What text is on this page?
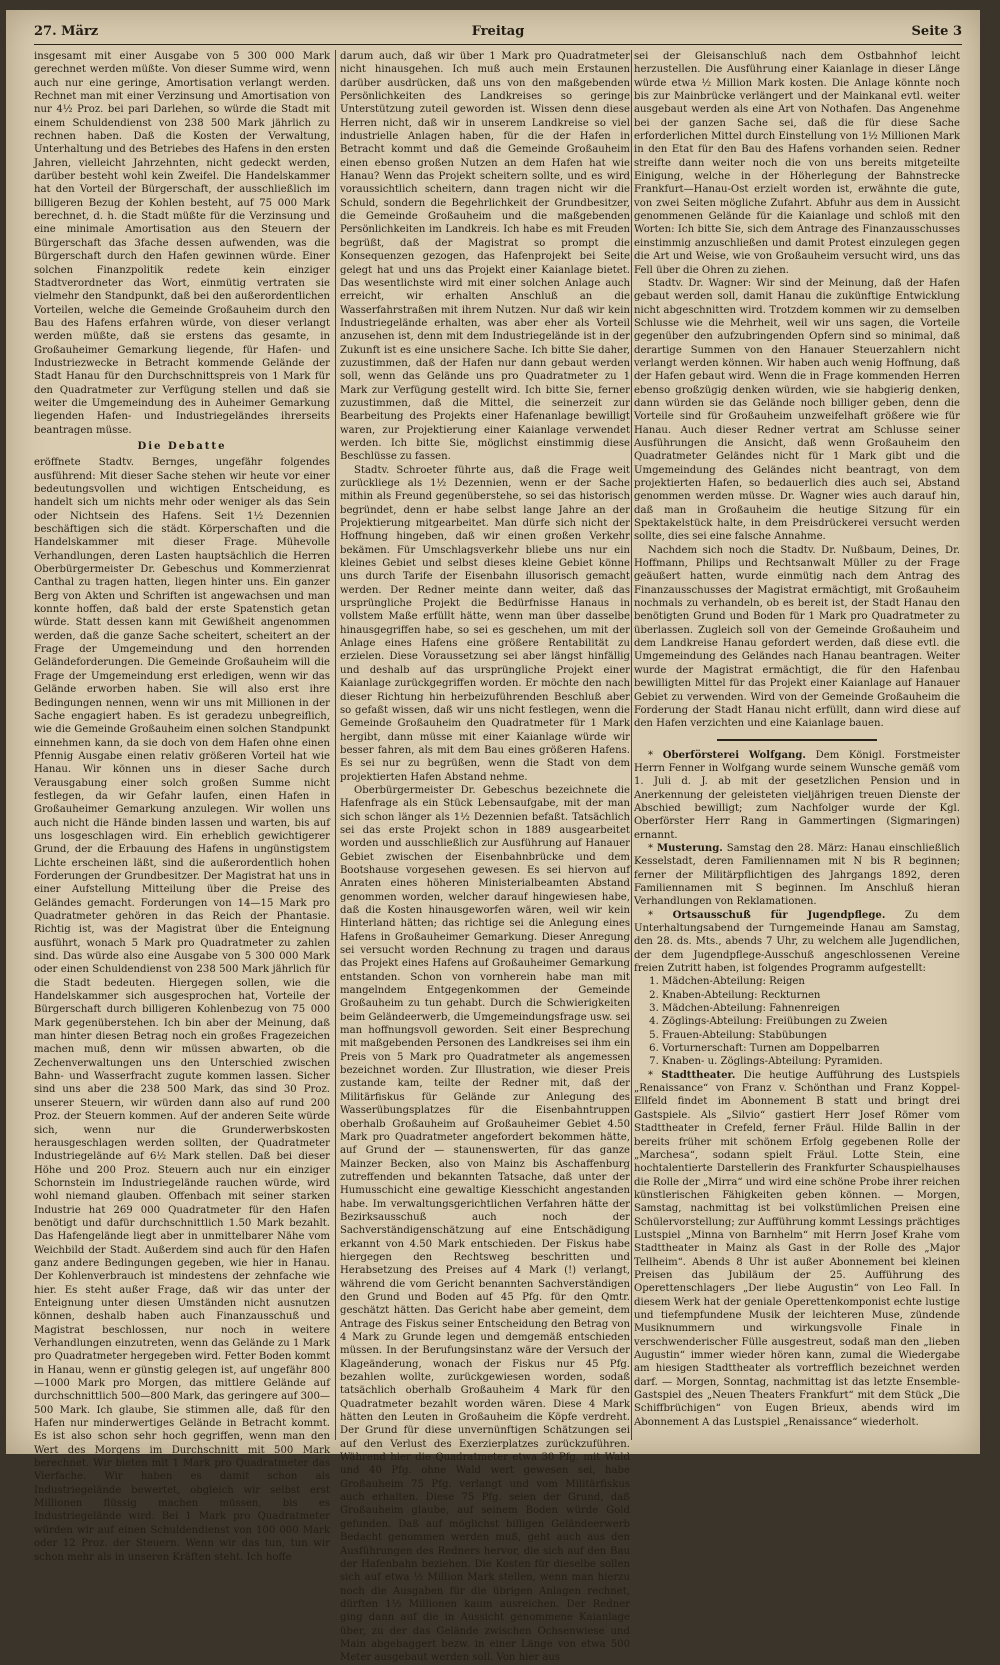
27. März	Freitag	Seite 3

insgesamt mit einer Ausgabe von 5 300 000 Mark gerechnet werden müßte. Von dieser Summe wird, wenn auch nur eine geringe, Amortisation verlangt werden. Rechnet man mit einer Verzinsung und Amortisation von nur 4½ Proz. bei pari Darlehen, so würde die Stadt mit einem Schuldendienst von 238 500 Mark jährlich zu rechnen haben. Daß die Kosten der Verwaltung, Unterhaltung und des Betriebes des Hafens in den ersten Jahren, vielleicht Jahrzehnten, nicht gedeckt werden, darüber besteht wohl kein Zweifel. Die Handelskammer hat den Vorteil der Bürgerschaft, der ausschließlich im billigeren Bezug der Kohlen besteht, auf 75 000 Mark berechnet, d. h. die Stadt müßte für die Verzinsung und eine minimale Amortisation aus den Steuern der Bürgerschaft das 3fache dessen aufwenden, was die Bürgerschaft durch den Hafen gewinnen würde. Einer solchen Finanzpolitik redete kein einziger Stadtverordneter das Wort, einmütig vertraten sie vielmehr den Standpunkt, daß bei den außerordentlichen Vorteilen, welche die Gemeinde Großauheim durch den Bau des Hafens erfahren würde, von dieser verlangt werden müßte, daß sie erstens das gesamte, in Großauheimer Gemarkung liegende, für Hafen- und Industriezwecke in Betracht kommende Gelände der Stadt Hanau für den Durchschnittspreis von 1 Mark für den Quadratmeter zur Verfügung stellen und daß sie weiter die Umgemeindung des in Auheimer Gemarkung liegenden Hafen- und Industriegeländes ihrerseits beantragen müsse.

Die Debatte

eröffnete Stadtv. Bernges, ungefähr folgendes ausführend: Mit dieser Sache stehen wir heute vor einer bedeutungsvollen und wichtigen Entscheidung, es handelt sich um nichts mehr oder weniger als das Sein oder Nichtsein des Hafens. Seit 1½ Dezennien beschäftigen sich die städt. Körperschaften und die Handelskammer mit dieser Frage. Mühevolle Verhandlungen, deren Lasten hauptsächlich die Herren Oberbürgermeister Dr. Gebeschus und Kommerzienrat Canthal zu tragen hatten, liegen hinter uns. Ein ganzer Berg von Akten und Schriften ist angewachsen und man konnte hoffen, daß bald der erste Spatenstich getan würde. Statt dessen kann mit Gewißheit angenommen werden, daß die ganze Sache scheitert, scheitert an der Frage der Umgemeindung und den horrenden Geländeforderungen. Die Gemeinde Großauheim will die Frage der Umgemeindung erst erledigen, wenn wir das Gelände erworben haben. Sie will also erst ihre Bedingungen nennen, wenn wir uns mit Millionen in der Sache engagiert haben. Es ist geradezu unbegreiflich, wie die Gemeinde Großauheim einen solchen Standpunkt einnehmen kann, da sie doch von dem Hafen ohne einen Pfennig Ausgabe einen relativ größeren Vorteil hat wie Hanau. Wir können uns in dieser Sache durch Verausgabung einer solch großen Summe nicht festlegen, da wir Gefahr laufen, einen Hafen in Großauheimer Gemarkung anzulegen. Wir wollen uns auch nicht die Hände binden lassen und warten, bis auf uns losgeschlagen wird. Ein erheblich gewichtigerer Grund, der die Erbauung des Hafens in ungünstigstem Lichte erscheinen läßt, sind die außerordentlich hohen Forderungen der Grundbesitzer. Der Magistrat hat uns in einer Aufstellung Mitteilung über die Preise des Geländes gemacht. Forderungen von 14—15 Mark pro Quadratmeter gehören in das Reich der Phantasie. Richtig ist, was der Magistrat über die Enteignung ausführt, wonach 5 Mark pro Quadratmeter zu zahlen sind. Das würde also eine Ausgabe von 5 300 000 Mark oder einen Schuldendienst von 238 500 Mark jährlich für die Stadt bedeuten. Hiergegen sollen, wie die Handelskammer sich ausgesprochen hat, Vorteile der Bürgerschaft durch billigeren Kohlenbezug von 75 000 Mark gegenüberstehen. Ich bin aber der Meinung, daß man hinter diesen Betrag noch ein großes Fragezeichen machen muß, denn wir müssen abwarten, ob die Zechenverwaltungen uns den Unterschied zwischen Bahn- und Wasserfracht zugute kommen lassen. Sicher sind uns aber die 238 500 Mark, das sind 30 Proz. unserer Steuern, wir würden dann also auf rund 200 Proz. der Steuern kommen. Auf der anderen Seite würde sich, wenn nur die Grunderwerbskosten herausgeschlagen werden sollten, der Quadratmeter Industriegelände auf 6½ Mark stellen. Daß bei dieser Höhe und 200 Proz. Steuern auch nur ein einziger Schornstein im Industriegelände rauchen würde, wird wohl niemand glauben. Offenbach mit seiner starken Industrie hat 269 000 Quadratmeter für den Hafen benötigt und dafür durchschnittlich 1.50 Mark bezahlt. Das Hafengelände liegt aber in unmittelbarer Nähe vom Weichbild der Stadt. Außerdem sind auch für den Hafen ganz andere Bedingungen gegeben, wie hier in Hanau. Der Kohlenverbrauch ist mindestens der zehnfache wie hier. Es steht außer Frage, daß wir das unter der Enteignung unter diesen Umständen nicht ausnutzen können, deshalb haben auch Finanzausschuß und Magistrat beschlossen, nur noch in weitere Verhandlungen einzutreten, wenn das Gelände zu 1 Mark pro Quadratmeter hergegeben wird. Fetter Boden kommt in Hanau, wenn er günstig gelegen ist, auf ungefähr 800—1000 Mark pro Morgen, das mittlere Gelände auf durchschnittlich 500—800 Mark, das geringere auf 300—500 Mark. Ich glaube, Sie stimmen alle, daß für den Hafen nur minderwertiges Gelände in Betracht kommt. Es ist also schon sehr hoch gegriffen, wenn man den Wert des Morgens im Durchschnitt mit 500 Mark berechnet. Wir bieten mit 1 Mark pro Quadratmeter das Vierfache. Wir haben es damit schon als Industriegelände bewertet, obgleich wir selbst erst Millionen flüssig machen müssen, bis es Industriegelände wird. Bei 1 Mark pro Quadratmeter würden wir auf einen Schuldendienst von 100 000 Mark oder 12 Proz. der Steuern. Wenn wir das tun, tun wir schon mehr als in unseren Kräften steht. Ich hoffe

darum auch, daß wir über 1 Mark pro Quadratmeter nicht hinausgehen. Ich muß auch mein Erstaunen darüber ausdrücken, daß uns von den maßgebenden Persönlichkeiten des Landkreises so geringe Unterstützung zuteil geworden ist. Wissen denn diese Herren nicht, daß wir in unserem Landkreise so viel industrielle Anlagen haben, für die der Hafen in Betracht kommt und daß die Gemeinde Großauheim einen ebenso großen Nutzen an dem Hafen hat wie Hanau? Wenn das Projekt scheitern sollte, und es wird voraussichtlich scheitern, dann tragen nicht wir die Schuld, sondern die Begehrlichkeit der Grundbesitzer, die Gemeinde Großauheim und die maßgebenden Persönlichkeiten im Landkreis. Ich habe es mit Freuden begrüßt, daß der Magistrat so prompt die Konsequenzen gezogen, das Hafenprojekt bei Seite gelegt hat und uns das Projekt einer Kaianlage bietet. Das wesentlichste wird mit einer solchen Anlage auch erreicht, wir erhalten Anschluß an die Wasserfahrstraßen mit ihrem Nutzen. Nur daß wir kein Industriegelände erhalten, was aber eher als Vorteil anzusehen ist, denn mit dem Industriegelände ist in der Zukunft ist es eine unsichere Sache. Ich bitte Sie daher, zuzustimmen, daß der Hafen nur dann gebaut werden soll, wenn das Gelände uns pro Quadratmeter zu 1 Mark zur Verfügung gestellt wird. Ich bitte Sie, ferner zuzustimmen, daß die Mittel, die seinerzeit zur Bearbeitung des Projekts einer Hafenanlage bewilligt waren, zur Projektierung einer Kaianlage verwendet werden. Ich bitte Sie, möglichst einstimmig diese Beschlüsse zu fassen.

Stadtv. Schroeter führte aus, daß die Frage weit zurückliege als 1½ Dezennien, wenn er der Sache mithin als Freund gegenüberstehe, so sei das historisch begründet, denn er habe selbst lange Jahre an der Projektierung mitgearbeitet. Man dürfe sich nicht der Hoffnung hingeben, daß wir einen großen Verkehr bekämen. Für Umschlagsverkehr bliebe uns nur ein kleines Gebiet und selbst dieses kleine Gebiet könne uns durch Tarife der Eisenbahn illusorisch gemacht werden. Der Redner meinte dann weiter, daß das ursprüngliche Projekt die Bedürfnisse Hanaus in vollstem Maße erfüllt hätte, wenn man über dasselbe hinausgegriffen habe, so sei es geschehen, um mit der Anlage eines Hafens eine größere Rentabilität zu erzielen. Diese Voraussetzung sei aber längst hinfällig und deshalb auf das ursprüngliche Projekt einer Kaianlage zurückgegriffen worden. Er möchte den nach dieser Richtung hin herbeizuführenden Beschluß aber so gefaßt wissen, daß wir uns nicht festlegen, wenn die Gemeinde Großauheim den Quadratmeter für 1 Mark hergibt, dann müsse mit einer Kaianlage würde wir besser fahren, als mit dem Bau eines größeren Hafens. Es sei nur zu begrüßen, wenn die Stadt von dem projektierten Hafen Abstand nehme.

Oberbürgermeister Dr. Gebeschus bezeichnete die Hafenfrage als ein Stück Lebensaufgabe, mit der man sich schon länger als 1½ Dezennien befaßt. Tatsächlich sei das erste Projekt schon in 1889 ausgearbeitet worden und ausschließlich zur Ausführung auf Hanauer Gebiet zwischen der Eisenbahnbrücke und dem Bootshause vorgesehen gewesen. Es sei hiervon auf Anraten eines höheren Ministerialbeamten Abstand genommen worden, welcher darauf hingewiesen habe, daß die Kosten hinausgeworfen wären, weil wir kein Hinterland hätten; das richtige sei die Anlegung eines Hafens in Großauheimer Gemarkung. Dieser Anregung sei versucht worden Rechnung zu tragen und daraus das Projekt eines Hafens auf Großauheimer Gemarkung entstanden. Schon von vornherein habe man mit mangelndem Entgegenkommen der Gemeinde Großauheim zu tun gehabt. Durch die Schwierigkeiten beim Geländeerwerb, die Umgemeindungsfrage usw. sei man hoffnungsvoll geworden. Seit einer Besprechung mit maßgebenden Personen des Landkreises sei ihm ein Preis von 5 Mark pro Quadratmeter als angemessen bezeichnet worden. Zur Illustration, wie dieser Preis zustande kam, teilte der Redner mit, daß der Militärfiskus für Gelände zur Anlegung des Wasserübungsplatzes für die Eisenbahntruppen oberhalb Großauheim auf Großauheimer Gebiet 4.50 Mark pro Quadratmeter angefordert bekommen hätte, auf Grund der — staunenswerten, für das ganze Mainzer Becken, also von Mainz bis Aschaffenburg zutreffenden und bekannten Tatsache, daß unter der Humusschicht eine gewaltige Kiesschicht angestanden habe. Im verwaltungsgerichtlichen Verfahren hätte der Bezirksausschuß auch noch der Sachverständigenschätzung auf eine Entschädigung erkannt von 4.50 Mark entschieden. Der Fiskus habe hiergegen den Rechtsweg beschritten und Herabsetzung des Preises auf 4 Mark (!) verlangt, während die vom Gericht benannten Sachverständigen den Grund und Boden auf 45 Pfg. für den Qmtr. geschätzt hätten. Das Gericht habe aber gemeint, dem Antrage des Fiskus seiner Entscheidung den Betrag von 4 Mark zu Grunde legen und demgemäß entschieden müssen. In der Berufungsinstanz wäre der Versuch der Klageänderung, wonach der Fiskus nur 45 Pfg. bezahlen wollte, zurückgewiesen worden, sodaß tatsächlich oberhalb Großauheim 4 Mark für den Quadratmeter bezahlt worden wären. Diese 4 Mark hätten den Leuten in Großauheim die Köpfe verdreht. Der Grund für diese unvernünftigen Schätzungen sei auf den Verlust des Exerzierplatzes zurückzuführen. Während hier die Quadratmeter etwa 30 Pfg. mit Wald und 40 Pfg. ohne Wald wert gewesen sei, habe Großauheim 75 Pfg. verlangt und vom Militärfiskus auch erhalten. Diese 75 Pfg. seien der Grund, daß Großauheim glaube, auf seinem Boden würde Gold gefunden. Daß auf möglichst billigen Geländeerwerb Bedacht genommen werden muß, geht auch aus den Ausführungen des Redners hervor, die sich auf den Bau der Hafenbahn beziehen. Die Kosten für dieselbe sollen sich auf etwa ½ Million Mark stellen, wenn man hierzu noch die Ausgaben für die übrigen Anlagen rechnet, dürften 1½ Millionen kaum ausreichen. Der Redner ging dann auf die in Aussicht genommene Kaianlage über, zu der das Gelände zwischen Ochsenwiese und Main abgebaggert bezw. in einer Länge von etwa 500 Meter ausgebaut werden soll. Von hier aus

sei der Gleisanschluß nach dem Ostbahnhof leicht herzustellen. Die Ausführung einer Kaianlage in dieser Länge würde etwa ½ Million Mark kosten. Die Anlage könnte noch bis zur Mainbrücke verlängert und der Mainkanal evtl. weiter ausgebaut werden als eine Art von Nothafen. Das Angenehme bei der ganzen Sache sei, daß die für diese Sache erforderlichen Mittel durch Einstellung von 1½ Millionen Mark in den Etat für den Bau des Hafens vorhanden seien. Redner streifte dann weiter noch die von uns bereits mitgeteilte Einigung, welche in der Höherlegung der Bahnstrecke Frankfurt—Hanau-Ost erzielt worden ist, erwähnte die gute, von zwei Seiten mögliche Zufahrt. Abfuhr aus dem in Aussicht genommenen Gelände für die Kaianlage und schloß mit den Worten: Ich bitte Sie, sich dem Antrage des Finanzausschusses einstimmig anzuschließen und damit Protest einzulegen gegen die Art und Weise, wie von Großauheim versucht wird, uns das Fell über die Ohren zu ziehen.

Stadtv. Dr. Wagner: Wir sind der Meinung, daß der Hafen gebaut werden soll, damit Hanau die zukünftige Entwicklung nicht abgeschnitten wird. Trotzdem kommen wir zu demselben Schlusse wie die Mehrheit, weil wir uns sagen, die Vorteile gegenüber den aufzubringenden Opfern sind so minimal, daß derartige Summen von den Hanauer Steuerzahlern nicht verlangt werden können. Wir haben auch wenig Hoffnung, daß der Hafen gebaut wird. Wenn die in Frage kommenden Herren ebenso großzügig denken würden, wie sie habgierig denken, dann würden sie das Gelände noch billiger geben, denn die Vorteile sind für Großauheim unzweifelhaft größere wie für Hanau. Auch dieser Redner vertrat am Schlusse seiner Ausführungen die Ansicht, daß wenn Großauheim den Quadratmeter Geländes nicht für 1 Mark gibt und die Umgemeindung des Geländes nicht beantragt, von dem projektierten Hafen, so bedauerlich dies auch sei, Abstand genommen werden müsse. Dr. Wagner wies auch darauf hin, daß man in Großauheim die heutige Sitzung für ein Spektakelstück halte, in dem Preisdrückerei versucht werden sollte, dies sei eine falsche Annahme.

Nachdem sich noch die Stadtv. Dr. Nußbaum, Deines, Dr. Hoffmann, Philips und Rechtsanwalt Müller zu der Frage geäußert hatten, wurde einmütig nach dem Antrag des Finanzausschusses der Magistrat ermächtigt, mit Großauheim nochmals zu verhandeln, ob es bereit ist, der Stadt Hanau den benötigten Grund und Boden für 1 Mark pro Quadratmeter zu überlassen. Zugleich soll von der Gemeinde Großauheim und dem Landkreise Hanau gefordert werden, daß diese evtl. die Umgemeindung des Geländes nach Hanau beantragen. Weiter wurde der Magistrat ermächtigt, die für den Hafenbau bewilligten Mittel für das Projekt einer Kaianlage auf Hanauer Gebiet zu verwenden. Wird von der Gemeinde Großauheim die Forderung der Stadt Hanau nicht erfüllt, dann wird diese auf den Hafen verzichten und eine Kaianlage bauen.

* Oberförsterei Wolfgang. Dem Königl. Forstmeister Herrn Fenner in Wolfgang wurde seinem Wunsche gemäß vom 1. Juli d. J. ab mit der gesetzlichen Pension und in Anerkennung der geleisteten vieljährigen treuen Dienste der Abschied bewilligt; zum Nachfolger wurde der Kgl. Oberförster Herr Rang in Gammertingen (Sigmaringen) ernannt.

* Musterung. Samstag den 28. März: Hanau einschließlich Kesselstadt, deren Familiennamen mit N bis R beginnen; ferner der Militärpflichtigen des Jahrgangs 1892, deren Familiennamen mit S beginnen. Im Anschluß hieran Verhandlungen von Reklamationen.

* Ortsausschuß für Jugendpflege. Zu dem Unterhaltungsabend der Turngemeinde Hanau am Samstag, den 28. ds. Mts., abends 7 Uhr, zu welchem alle Jugendlichen, der dem Jugendpflege-Ausschuß angeschlossenen Vereine freien Zutritt haben, ist folgendes Programm aufgestellt:

1. Mädchen-Abteilung: Reigen
2. Knaben-Abteilung: Reckturnen
3. Mädchen-Abteilung: Fahnenreigen
4. Zöglings-Abteilung: Freiübungen zu Zweien
5. Frauen-Abteilung: Stabübungen
6. Vorturnerschaft: Turnen am Doppelbarren
7. Knaben- u. Zöglings-Abteilung: Pyramiden.

* Stadttheater. Die heutige Aufführung des Lustspiels „Renaissance“ von Franz v. Schönthan und Franz Koppel-Ellfeld findet im Abonnement B statt und bringt drei Gastspiele. Als „Silvio“ gastiert Herr Josef Römer vom Stadttheater in Crefeld, ferner Fräul. Hilde Ballin in der bereits früher mit schönem Erfolg gegebenen Rolle der „Marchesa“, sodann spielt Fräul. Lotte Stein, eine hochtalentierte Darstellerin des Frankfurter Schauspielhauses die Rolle der „Mirra“ und wird eine schöne Probe ihrer reichen künstlerischen Fähigkeiten geben können. — Morgen, Samstag, nachmittag ist bei volkstümlichen Preisen eine Schülervorstellung; zur Aufführung kommt Lessings prächtiges Lustspiel „Minna von Barnhelm“ mit Herrn Josef Krahe vom Stadttheater in Mainz als Gast in der Rolle des „Major Tellheim“. Abends 8 Uhr ist außer Abonnement bei kleinen Preisen das Jubiläum der 25. Aufführung des Operettenschlagers „Der liebe Augustin“ von Leo Fall. In diesem Werk hat der geniale Operettenkomponist echte lustige und tiefempfundene Musik der leichteren Muse, zündende Musiknummern und wirkungsvolle Finale in verschwenderischer Fülle ausgestreut, sodaß man den „lieben Augustin“ immer wieder hören kann, zumal die Wiedergabe am hiesigen Stadttheater als vortrefflich bezeichnet werden darf. — Morgen, Sonntag, nachmittag ist das letzte Ensemble-Gastspiel des „Neuen Theaters Frankfurt“ mit dem Stück „Die Schiffbrüchigen“ von Eugen Brieux, abends wird im Abonnement A das Lustspiel „Renaissance“ wiederholt.
